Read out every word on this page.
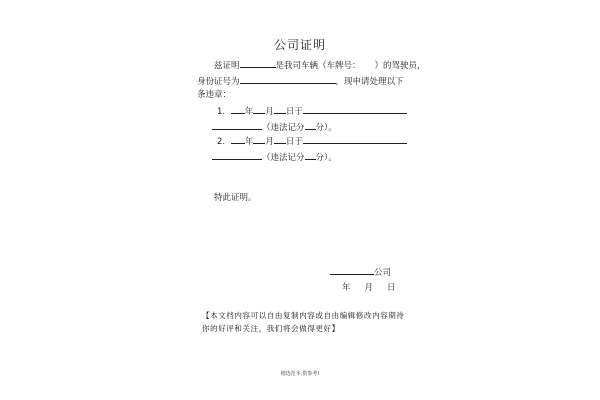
公司证明
兹证明	是我司车辆（车牌号： ）的驾驶员，
身份证号为	，现申请处理以下
条违章：
1. 年 月 日于
（违法记分 分）。
2. 年 月 日于
（违法记分 分）。
特此证明。
公司
年 月 日
【本文档内容可以自由复制内容或自由编辑修改内容期待
你的好评和关注，我们将会做得更好】
精选范本,供参考!
